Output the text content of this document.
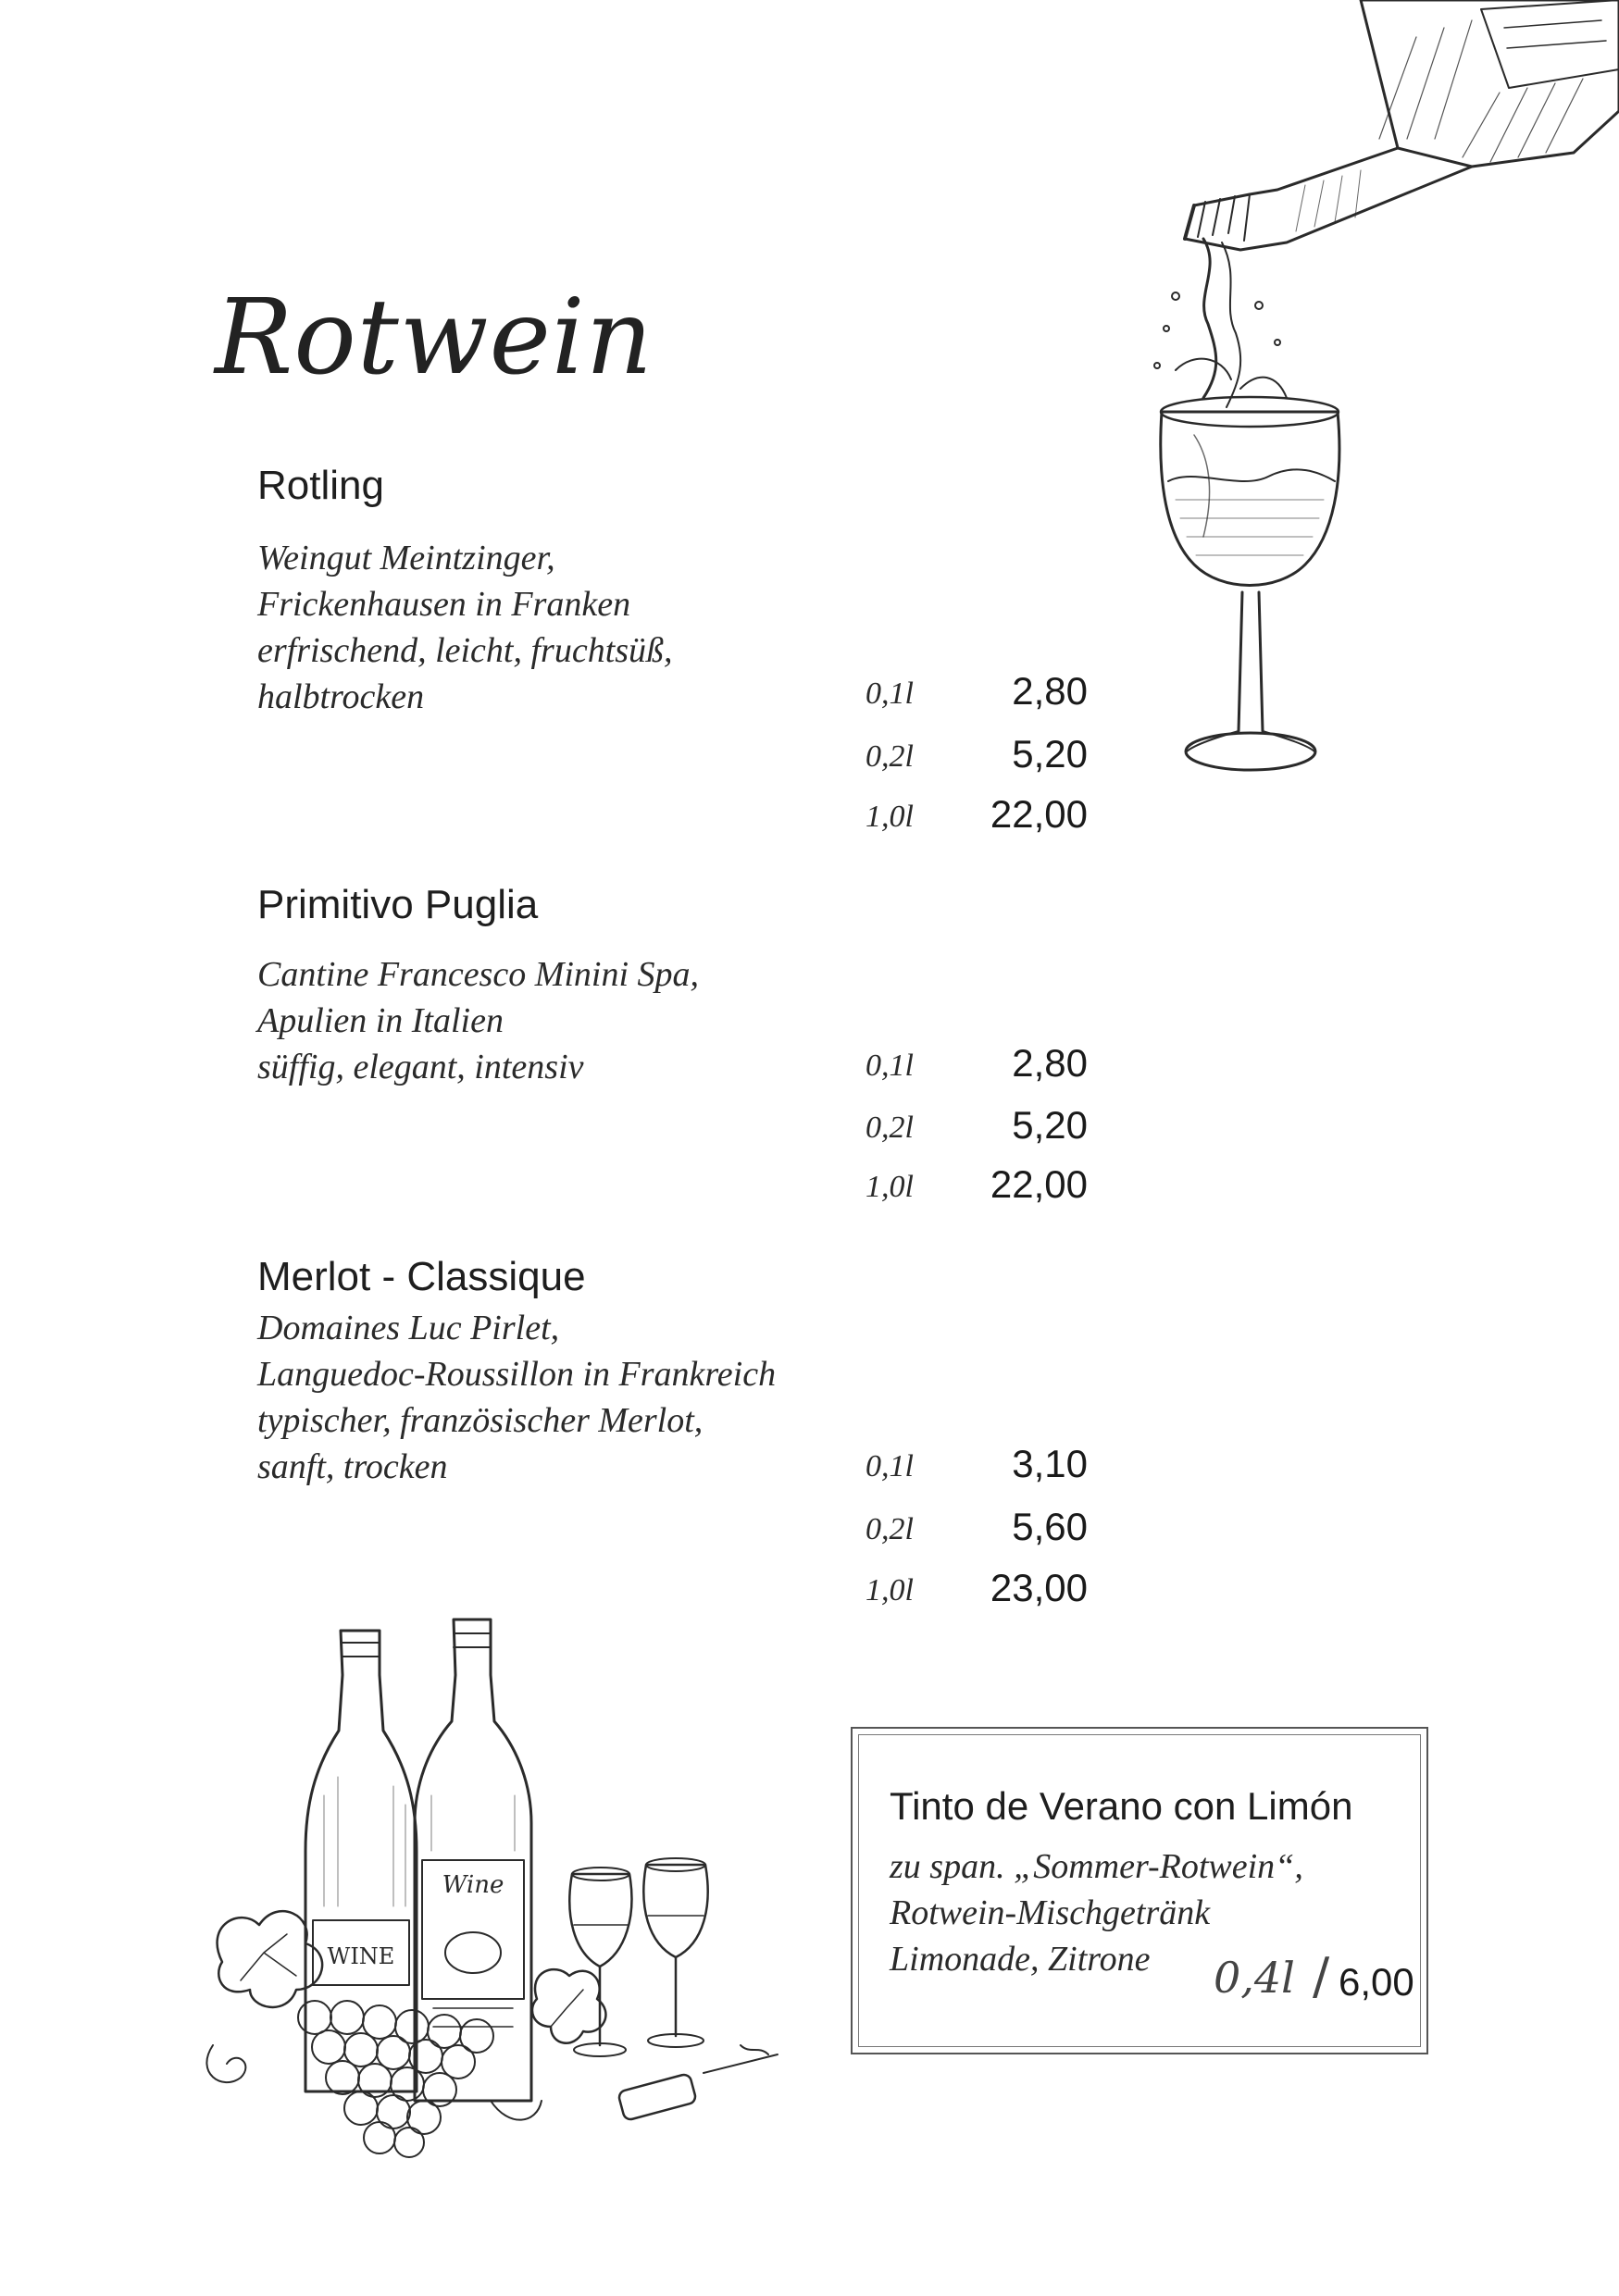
Rotwein
Rotling
Weingut Meintzinger,
Frickenhausen in Franken
erfrischend, leicht, fruchtsüß,
halbtrocken	0,1l	2,80
0,2l	5,20
1,0l 22,00
Primitivo Puglia
Cantine Francesco Minini Spa,
Apulien in Italien
süffig, elegant, intensiv	0,1l	2,80
0,2l	5,20
1,0l 22,00
Merlot - Classique
Domaines Luc Pirlet,
Languedoc-Roussillon in Frankreich
typischer, französischer Merlot,
sanft, trocken	0,1l	3,10
0,2l	5,60
1,0l 23,00
Tinto de Verano con Limón
zu span. „Sommer-Rotwein“,
Rotwein-Mischgetränk
Limonade, Zitrone	0,4l / 6,00
WINE
Wine
